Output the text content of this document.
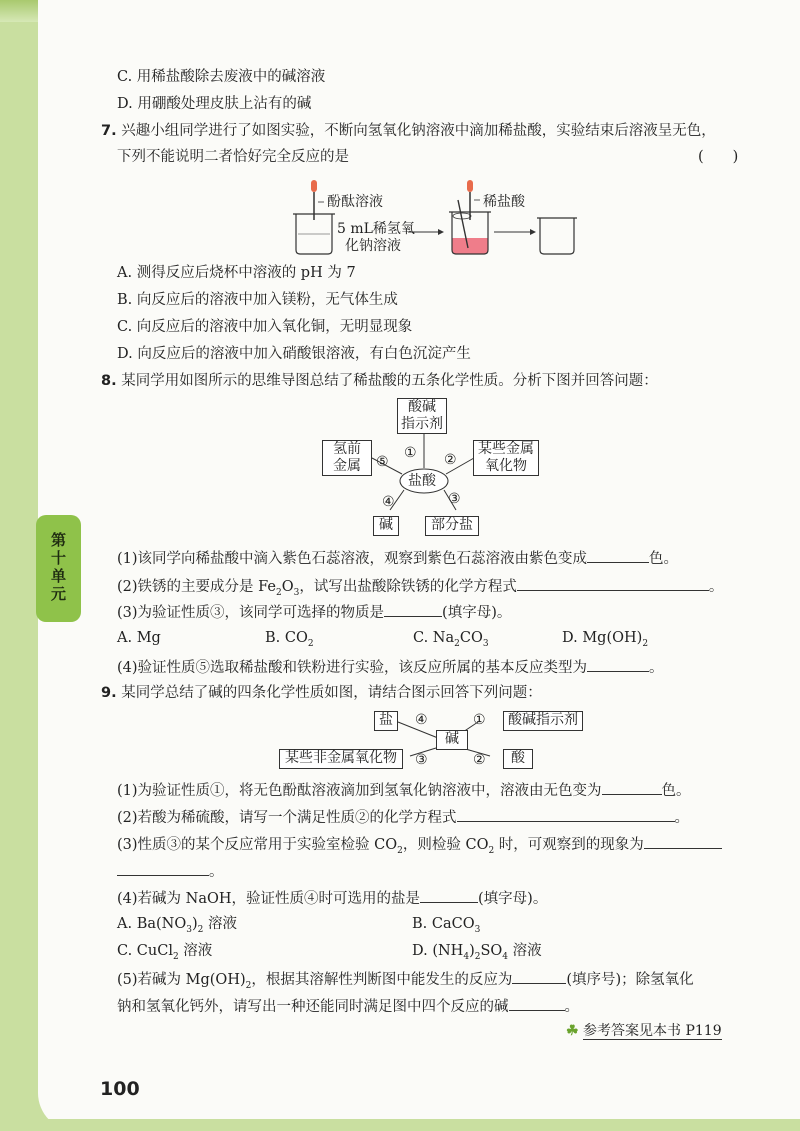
第
十
单
元
C. 用稀盐酸除去废液中的碱溶液
D. 用硼酸处理皮肤上沾有的碱
7. 兴趣小组同学进行了如图实验，不断向氢氧化钠溶液中滴加稀盐酸，实验结束后溶液呈无色，
下列不能说明二者恰好完全反应的是	(　　)
酚酞溶液
5 mL稀氢氧
化钠溶液
稀盐酸
A. 测得反应后烧杯中溶液的 pH 为 7
B. 向反应后的溶液中加入镁粉，无气体生成
C. 向反应后的溶液中加入氧化铜，无明显现象
D. 向反应后的溶液中加入硝酸银溶液，有白色沉淀产生
8. 某同学用如图所示的思维导图总结了稀盐酸的五条化学性质。分析下图并回答问题：
酸碱
指示剂
氢前
金属
某些金属
氧化物
碱	部分盐
盐酸
① ②
③
④
⑤
(1)该同学向稀盐酸中滴入紫色石蕊溶液，观察到紫色石蕊溶液由紫色变成	色。
(2)铁锈的主要成分是 $Fe_2O_3$，试写出盐酸除铁锈的化学方程式	。
(3)为验证性质③，该同学可选择的物质是	(填字母)。
A. Mg	B. $CO_2$	C. $Na_2CO_3$	D. $Mg(OH)_2$
(4)验证性质⑤选取稀盐酸和铁粉进行实验，该反应所属的基本反应类型为	。
9. 某同学总结了碱的四条化学性质如图，请结合图示回答下列问题：
盐	酸碱指示剂
碱
某些非金属氧化物	酸
④	①
③	②
(1)为验证性质①，将无色酚酞溶液滴加到氢氧化钠溶液中，溶液由无色变为	色。
(2)若酸为稀硫酸，请写一个满足性质②的化学方程式	。
(3)性质③的某个反应常用于实验室检验 $CO_2$，则检验 $CO_2$ 时，可观察到的现象为
。
(4)若碱为 NaOH，验证性质④时可选用的盐是	(填字母)。
A. $Ba(NO_3)_2$ 溶液	B. CaCO$_3$
C. CuCl$_2$ 溶液	D. $(NH_4)_2SO_4$ 溶液
(5)若碱为 $Mg(OH)_2$，根据其溶解性判断图中能发生的反应为	(填序号)；除氢氧化
钠和氢氧化钙外，请写出一种还能同时满足图中四个反应的碱	。
☘ 参考答案见本书 P119
100
